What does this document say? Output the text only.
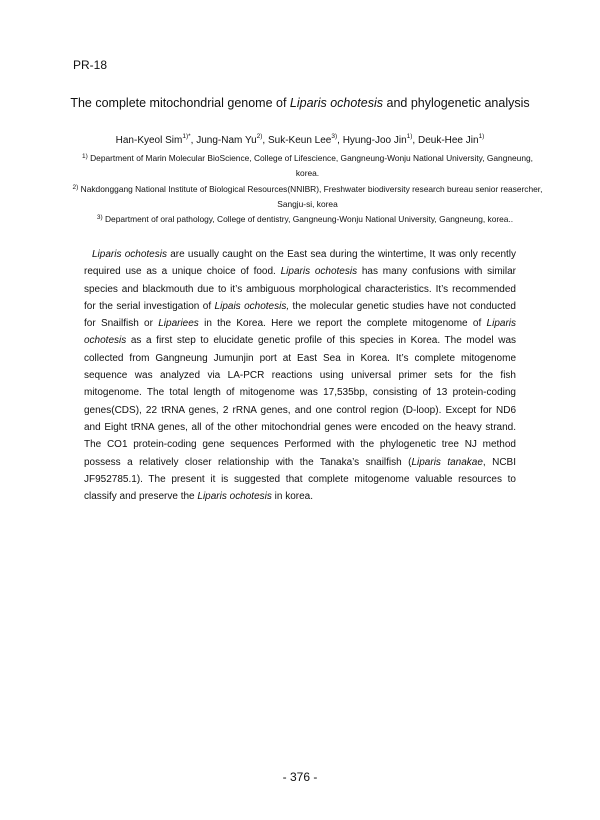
PR-18
The complete mitochondrial genome of Liparis ochotesis and phylogenetic analysis
Han-Kyeol Sim$^{1)*}$, Jung-Nam Yu$^{2)}$, Suk-Keun Lee$^{3)}$, Hyung-Joo Jin$^{1)}$, Deuk-Hee Jin$^{1)}$
$^{1)}$ Department of Marin Molecular BioScience, College of Lifescience, Gangneung-Wonju National University, Gangneung, korea.
$^{2)}$ Nakdonggang National Institute of Biological Resources(NNIBR), Freshwater biodiversity research bureau senior reasercher, Sangju-si, korea
$^{3)}$ Department of oral pathology, College of dentistry, Gangneung-Wonju National University, Gangneung, korea..
Liparis ochotesis are usually caught on the East sea during the wintertime, It was only recently required use as a unique choice of food. Liparis ochotesis has many confusions with similar species and blackmouth due to it’s ambiguous morphological characteristics. It’s recommended for the serial investigation of Lipais ochotesis, the molecular genetic studies have not conducted for Snailfish or Lipariees in the Korea. Here we report the complete mitogenome of Liparis ochotesis as a first step to elucidate genetic profile of this species in Korea. The model was collected from Gangneung Jumunjin port at East Sea in Korea. It’s complete mitogenome sequence was analyzed via LA-PCR reactions using universal primer sets for the fish mitogenome. The total length of mitogenome was 17,535bp, consisting of 13 protein-coding genes(CDS), 22 tRNA genes, 2 rRNA genes, and one control region (D-loop). Except for ND6 and Eight tRNA genes, all of the other mitochondrial genes were encoded on the heavy strand. The CO1 protein-coding gene sequences Performed with the phylogenetic tree NJ method possess a relatively closer relationship with the Tanaka’s snailfish (Liparis tanakae, NCBI JF952785.1). The present it is suggested that complete mitogenome valuable resources to classify and preserve the Liparis ochotesis in korea.
- 376 -
